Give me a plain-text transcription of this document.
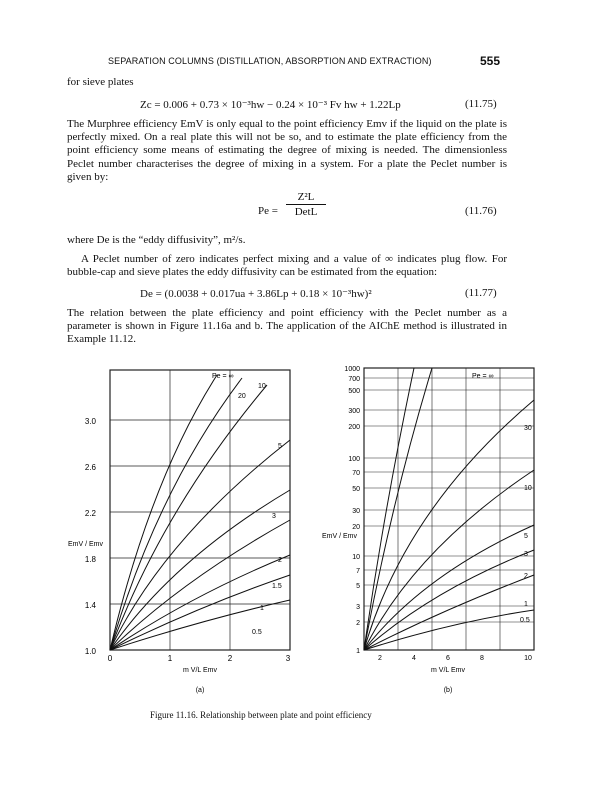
SEPARATION COLUMNS (DISTILLATION, ABSORPTION AND EXTRACTION)	555
for sieve plates
Zc = 0.006 + 0.73 × 10⁻³hw − 0.24 × 10⁻³ Fv hw + 1.22Lp	(11.75)
The Murphree efficiency EmV is only equal to the point efficiency Emv if the liquid on the plate is perfectly mixed. On a real plate this will not be so, and to estimate the plate efficiency from the point efficiency some means of estimating the degree of mixing is needed. The dimensionless Peclet number characterises the degree of mixing in a system. For a plate the Peclet number is given by:
Pe =
Z²L
DetL	(11.76)
where De is the “eddy diffusivity”, m²/s.
A Peclet number of zero indicates perfect mixing and a value of ∞ indicates plug flow. For bubble-cap and sieve plates the eddy diffusivity can be estimated from the equation:
De = (0.0038 + 0.017ua + 3.86Lp + 0.18 × 10⁻³hw)²	(11.77)
The relation between the plate efficiency and point efficiency with the Peclet number as a parameter is shown in Figure 11.16a and b. The application of the AIChE method is illustrated in Example 11.12.
1.0
1.4
1.8
2.2
2.6
3.0
0	1	2	3
Pe = ∞
20
10
5
3
2
1.5
1
0.5
EmV / Emv
m V/L Emv
(a)
1
2
3
5
7
10
20
30
50
70
100
200
300
500
700
1000
2	4	6	8	10
Pe = ∞
30
10
5
3
2
1
0.5
EmV / Emv
m V/L Emv
(b)
Figure 11.16. Relationship between plate and point efficiency
